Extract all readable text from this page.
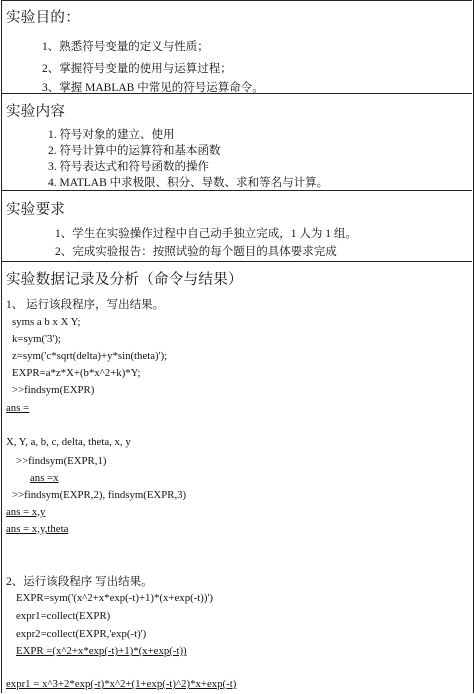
实验目的：
1、熟悉符号变量的定义与性质；
2、掌握符号变量的使用与运算过程；
3、掌握 MABLAB 中常见的符号运算命令。
实验内容
1. 符号对象的建立、使用
2. 符号计算中的运算符和基本函数
3. 符号表达式和符号函数的操作
4. MATLAB 中求极限、积分、导数、求和等名与计算。
实验要求
1、学生在实验操作过程中自己动手独立完成，1 人为 1 组。
2、完成实验报告：按照试验的每个题目的具体要求完成
实验数据记录及分析（命令与结果）
1、 运行该段程序，写出结果。
syms a b x X Y;
k=sym('3');
z=sym('c*sqrt(delta)+y*sin(theta)');
EXPR=a*z*X+(b*x^2+k)*Y;
>>findsym(EXPR)
ans =
X, Y, a, b, c, delta, theta, x, y
>>findsym(EXPR,1)
ans =x
>>findsym(EXPR,2), findsym(EXPR,3)
ans = x,y
ans = x,y,theta
2、运行该段程序 写出结果。
EXPR=sym('(x^2+x*exp(-t)+1)*(x+exp(-t))')
expr1=collect(EXPR)
expr2=collect(EXPR,'exp(-t)')
EXPR =(x^2+x*exp(-t)+1)*(x+exp(-t))
expr1 = x^3+2*exp(-t)*x^2+(1+exp(-t)^2)*x+exp(-t)
